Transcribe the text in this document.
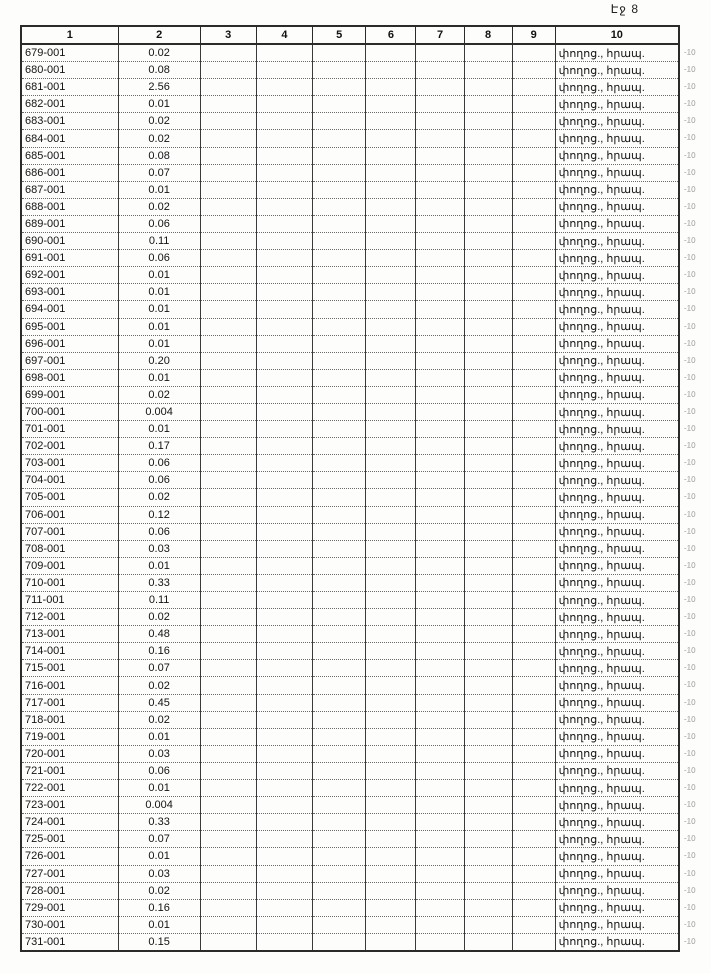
Էջ 8
1	2	3	4	5	6	7	8	9	10
679-001	0.02								փողոց., հրապ.
680-001	0.08								փողոց., հրապ.
681-001	2.56								փողոց., հրապ.
682-001	0.01								փողոց., հրապ.
683-001	0.02								փողոց., հրապ.
684-001	0.02								փողոց., հրապ.
685-001	0.08								փողոց., հրապ.
686-001	0.07								փողոց., հրապ.
687-001	0.01								փողոց., հրապ.
688-001	0.02								փողոց., հրապ.
689-001	0.06								փողոց., հրապ.
690-001	0.11								փողոց., հրապ.
691-001	0.06								փողոց., հրապ.
692-001	0.01								փողոց., հրապ.
693-001	0.01								փողոց., հրապ.
694-001	0.01								փողոց., հրապ.
695-001	0.01								փողոց., հրապ.
696-001	0.01								փողոց., հրապ.
697-001	0.20								փողոց., հրապ.
698-001	0.01								փողոց., հրապ.
699-001	0.02								փողոց., հրապ.
700-001	0.004								փողոց., հրապ.
701-001	0.01								փողոց., հրապ.
702-001	0.17								փողոց., հրապ.
703-001	0.06								փողոց., հրապ.
704-001	0.06								փողոց., հրապ.
705-001	0.02								փողոց., հրապ.
706-001	0.12								փողոց., հրապ.
707-001	0.06								փողոց., հրապ.
708-001	0.03								փողոց., հրապ.
709-001	0.01								փողոց., հրապ.
710-001	0.33								փողոց., հրապ.
711-001	0.11								փողոց., հրապ.
712-001	0.02								փողոց., հրապ.
713-001	0.48								փողոց., հրապ.
714-001	0.16								փողոց., հրապ.
715-001	0.07								փողոց., հրապ.
716-001	0.02								փողոց., հրապ.
717-001	0.45								փողոց., հրապ.
718-001	0.02								փողոց., հրապ.
719-001	0.01								փողոց., հրապ.
720-001	0.03								փողոց., հրապ.
721-001	0.06								փողոց., հրապ.
722-001	0.01								փողոց., հրապ.
723-001	0.004								փողոց., հրապ.
724-001	0.33								փողոց., հրապ.
725-001	0.07								փողոց., հրապ.
726-001	0.01								փողոց., հրապ.
727-001	0.03								փողոց., հրապ.
728-001	0.02								փողոց., հրապ.
729-001	0.16								փողոց., հրապ.
730-001	0.01								փողոց., հրապ.
731-001	0.15								փողոց., հրապ.
-10
-10
-10
-10
-10
-10
-10
-10
-10
-10
-10
-10
-10
-10
-10
-10
-10
-10
-10
-10
-10
-10
-10
-10
-10
-10
-10
-10
-10
-10
-10
-10
-10
-10
-10
-10
-10
-10
-10
-10
-10
-10
-10
-10
-10
-10
-10
-10
-10
-10
-10
-10
-10
